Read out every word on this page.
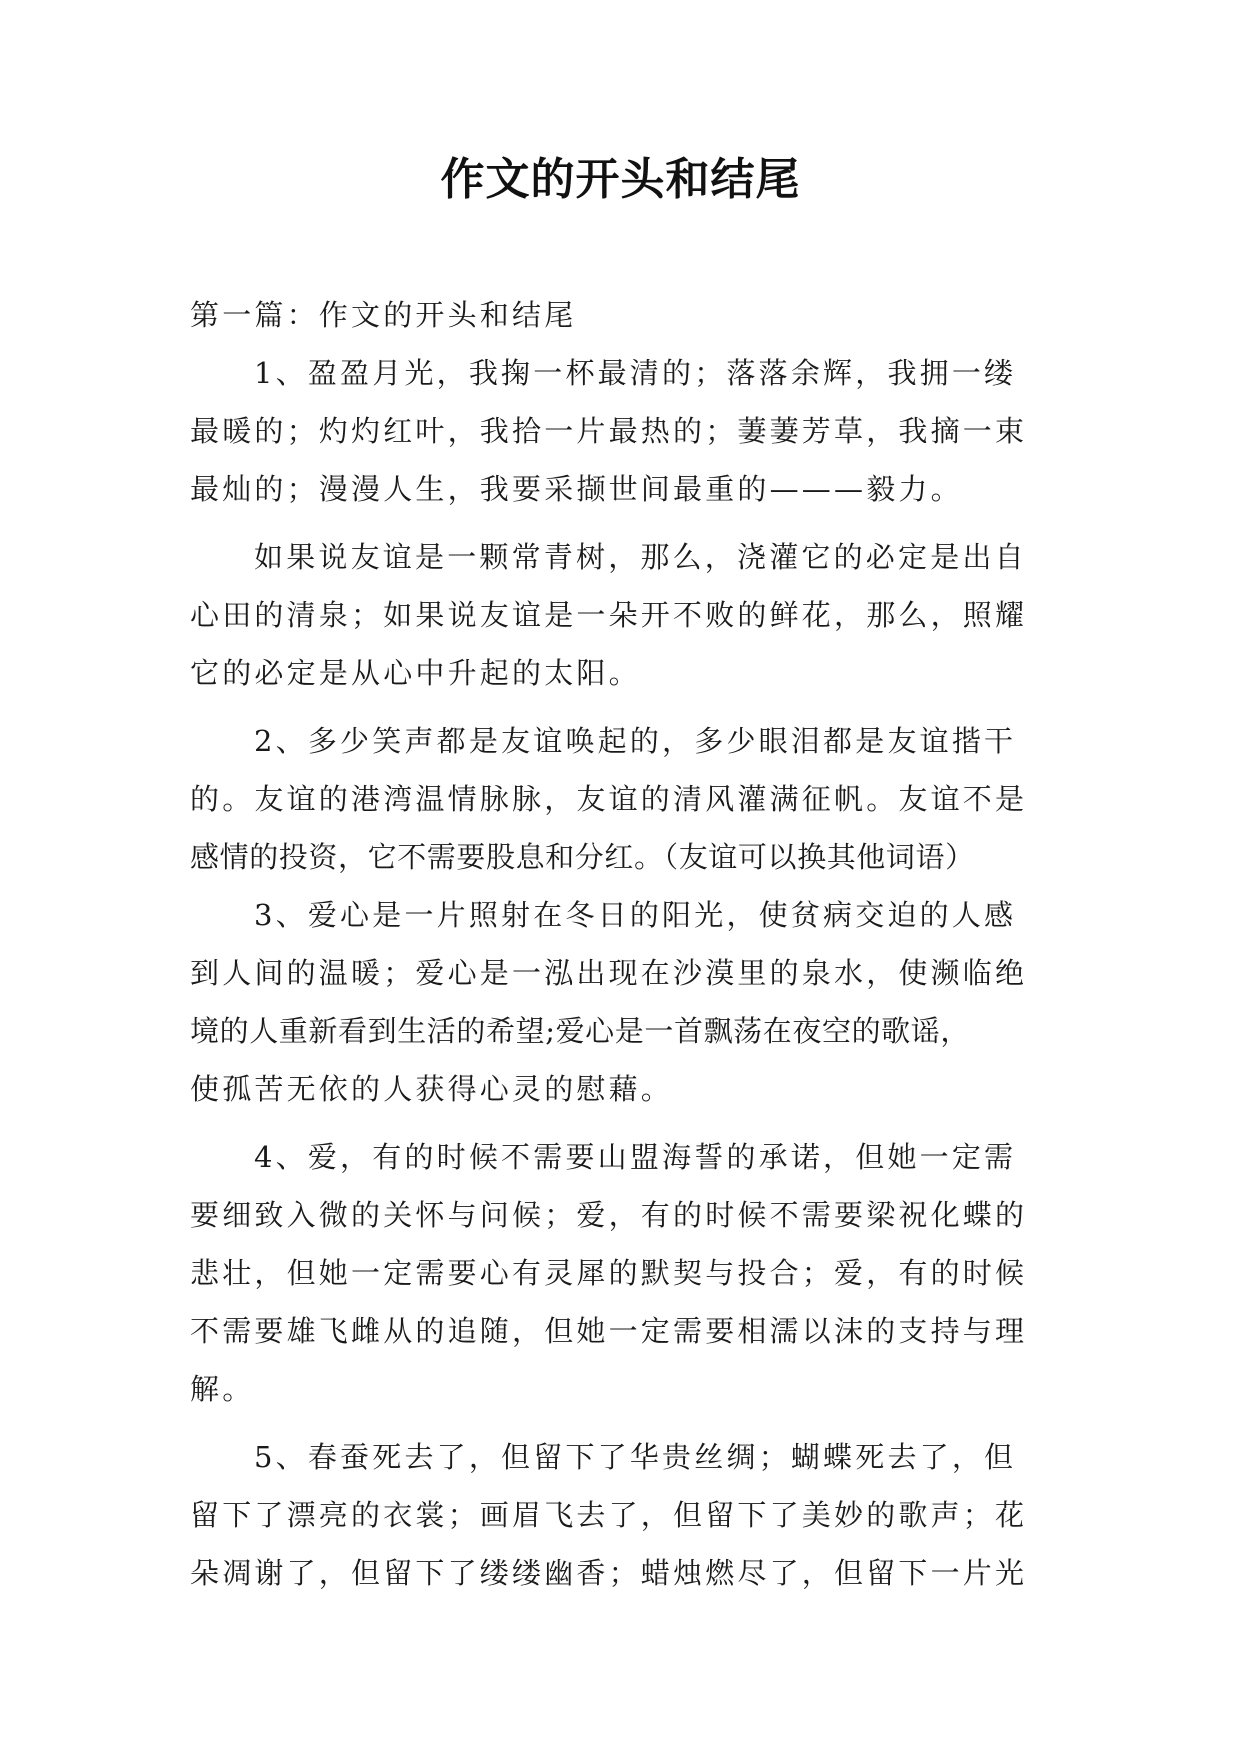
作文的开头和结尾
第一篇：作文的开头和结尾
1、盈盈月光，我掬一杯最清的；落落余辉，我拥一缕
最暖的；灼灼红叶，我拾一片最热的；萋萋芳草，我摘一束
最灿的；漫漫人生，我要采撷世间最重的———毅力。
如果说友谊是一颗常青树，那么，浇灌它的必定是出自
心田的清泉；如果说友谊是一朵开不败的鲜花，那么，照耀
它的必定是从心中升起的太阳。
2、多少笑声都是友谊唤起的，多少眼泪都是友谊揩干
的。友谊的港湾温情脉脉，友谊的清风灌满征帆。友谊不是
感情的投资，它不需要股息和分红。（友谊可以换其他词语）
3、爱心是一片照射在冬日的阳光，使贫病交迫的人感
到人间的温暖；爱心是一泓出现在沙漠里的泉水，使濒临绝
境的人重新看到生活的希望;爱心是一首飘荡在夜空的歌谣，
使孤苦无依的人获得心灵的慰藉。
4、爱，有的时候不需要山盟海誓的承诺，但她一定需
要细致入微的关怀与问候；爱，有的时候不需要梁祝化蝶的
悲壮，但她一定需要心有灵犀的默契与投合；爱，有的时候
不需要雄飞雌从的追随，但她一定需要相濡以沫的支持与理
解。
5、春蚕死去了，但留下了华贵丝绸；蝴蝶死去了，但
留下了漂亮的衣裳；画眉飞去了，但留下了美妙的歌声；花
朵凋谢了，但留下了缕缕幽香；蜡烛燃尽了，但留下一片光
